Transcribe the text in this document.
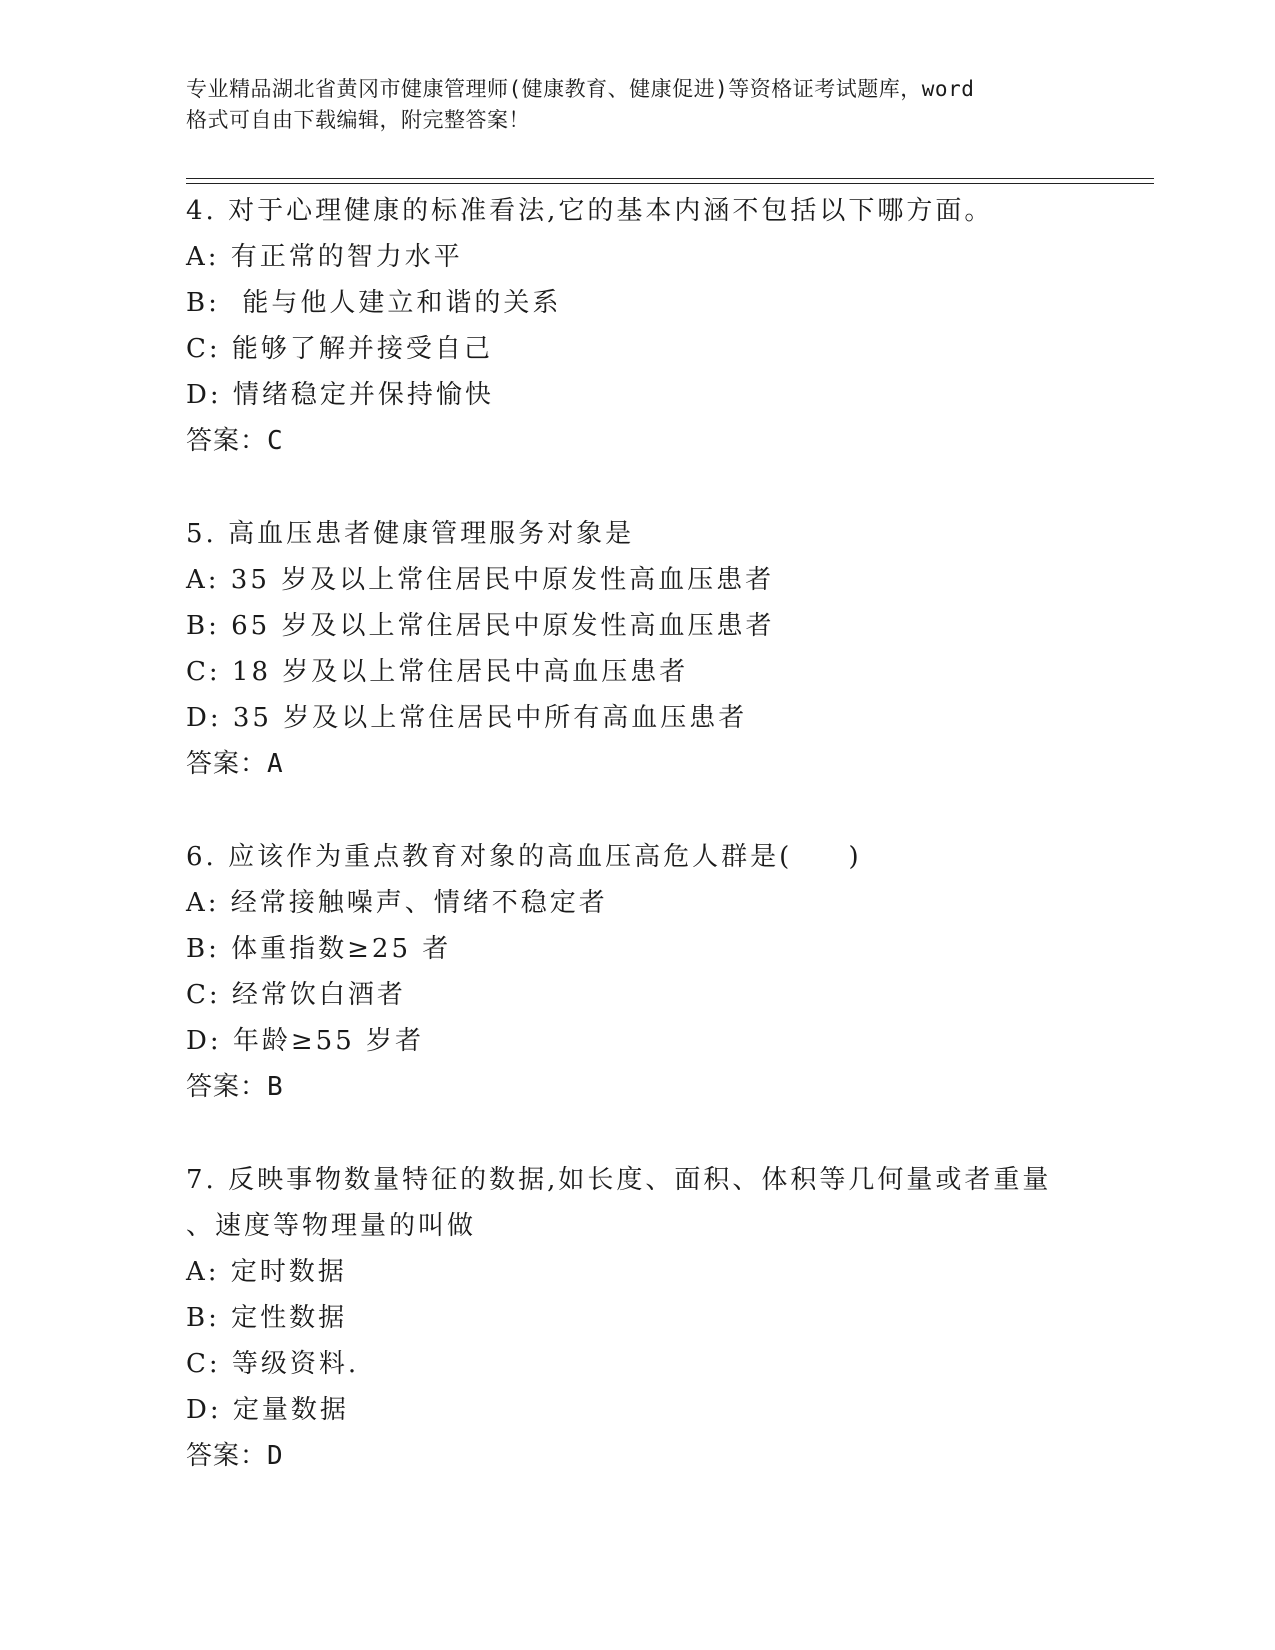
专业精品湖北省黄冈市健康管理师(健康教育、健康促进)等资格证考试题库，word
格式可自由下载编辑，附完整答案！
4. 对于心理健康的标准看法,它的基本内涵不包括以下哪方面。
A: 有正常的智力水平
B:  能与他人建立和谐的关系
C: 能够了解并接受自己
D: 情绪稳定并保持愉快
答案：C
5. 高血压患者健康管理服务对象是
A: 35 岁及以上常住居民中原发性高血压患者
B: 65 岁及以上常住居民中原发性高血压患者
C: 18 岁及以上常住居民中高血压患者
D: 35 岁及以上常住居民中所有高血压患者
答案：A
6. 应该作为重点教育对象的高血压高危人群是(     )
A: 经常接触噪声、情绪不稳定者
B: 体重指数≥25 者
C: 经常饮白酒者
D: 年龄≥55 岁者
答案：B
7. 反映事物数量特征的数据,如长度、面积、体积等几何量或者重量
、速度等物理量的叫做
A: 定时数据
B: 定性数据
C: 等级资料.
D: 定量数据
答案：D
